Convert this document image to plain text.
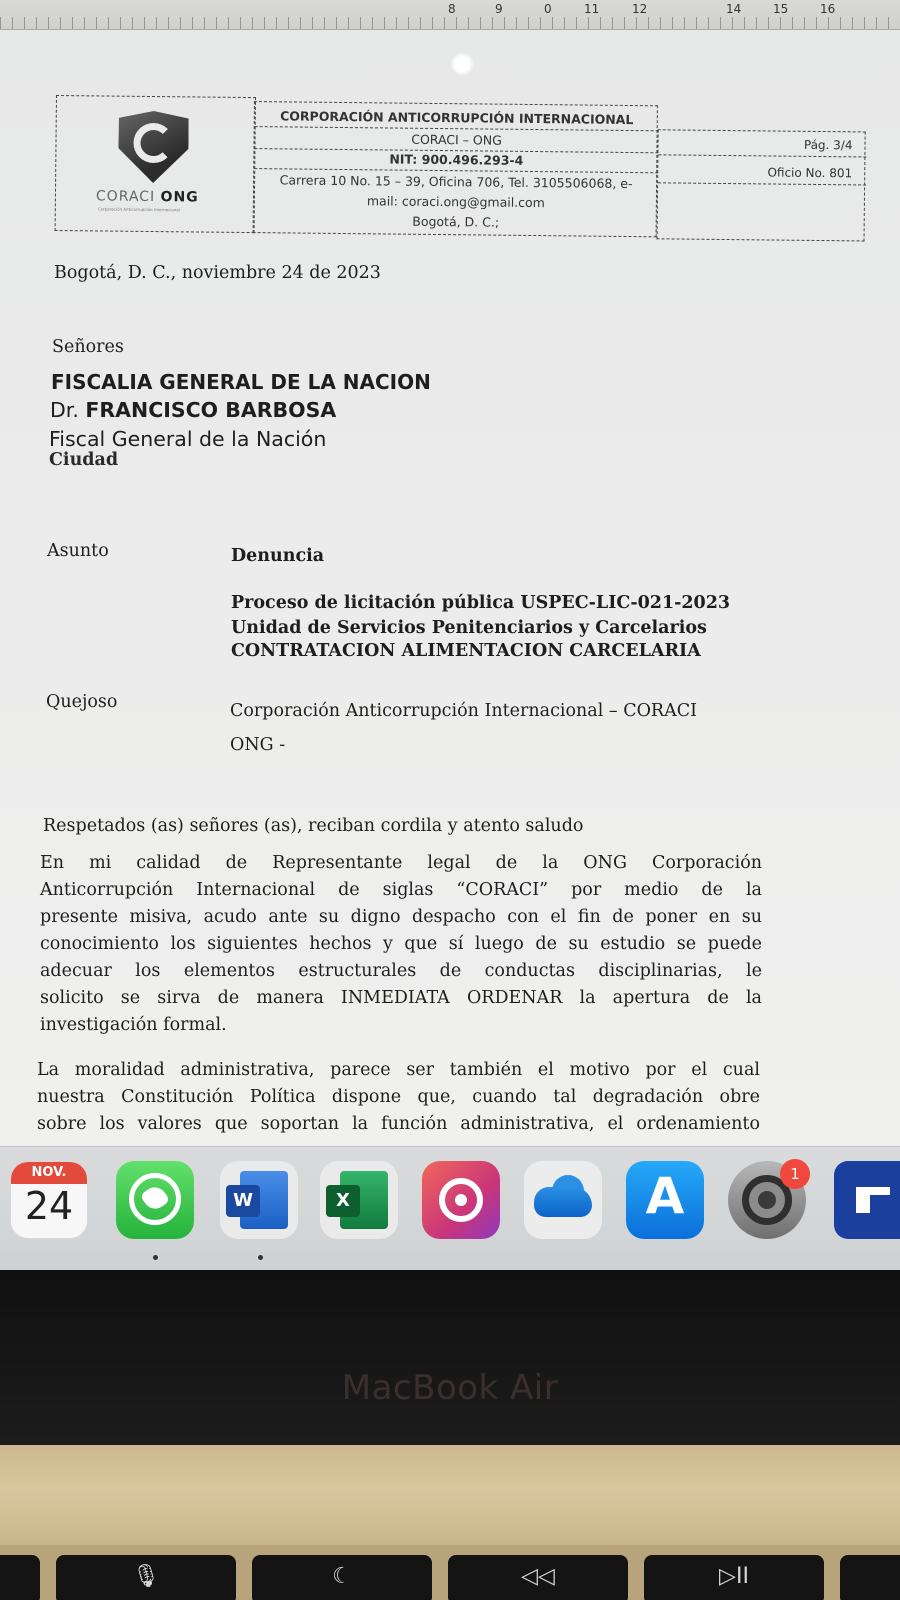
8	9	0	11	12	14	15	16
CORACI ONG
Corporación Anticorrupción Internacional
CORPORACIÓN ANTICORRUPCIÓN INTERNACIONAL
CORACI – ONG
NIT: 900.496.293-4
Carrera 10 No. 15 – 39, Oficina 706, Tel. 3105506068, e-
mail: coraci.ong@gmail.com
Bogotá, D. C.;
Pág. 3/4
Oficio No. 801
Bogotá, D. C., noviembre 24 de 2023
Señores
FISCALIA GENERAL DE LA NACION
Dr. FRANCISCO BARBOSA
Fiscal General de la Nación
Ciudad
Asunto	Denuncia
Proceso de licitación pública USPEC-LIC-021-2023
Unidad de Servicios Penitenciarios y Carcelarios
CONTRATACION ALIMENTACION CARCELARIA
Quejoso	Corporación Anticorrupción Internacional – CORACI
ONG -
Respetados (as) señores (as), reciban cordila y atento saludo
En mi calidad de Representante legal de la ONG Corporación
Anticorrupción Internacional de siglas “CORACI” por medio de la
presente misiva, acudo ante su digno despacho con el fin de poner en su
conocimiento los siguientes hechos y que sí luego de su estudio se puede
adecuar los elementos estructurales de conductas disciplinarias, le
solicito se sirva de manera INMEDIATA ORDENAR la apertura de la
investigación formal.
La moralidad administrativa, parece ser también el motivo por el cual
nuestra Constitución Política dispone que, cuando tal degradación obre
sobre los valores que soportan la función administrativa, el ordenamiento
NOV.
24	W	X	A	1
MacBook Air
🎙	☾	◁◁	▷II
